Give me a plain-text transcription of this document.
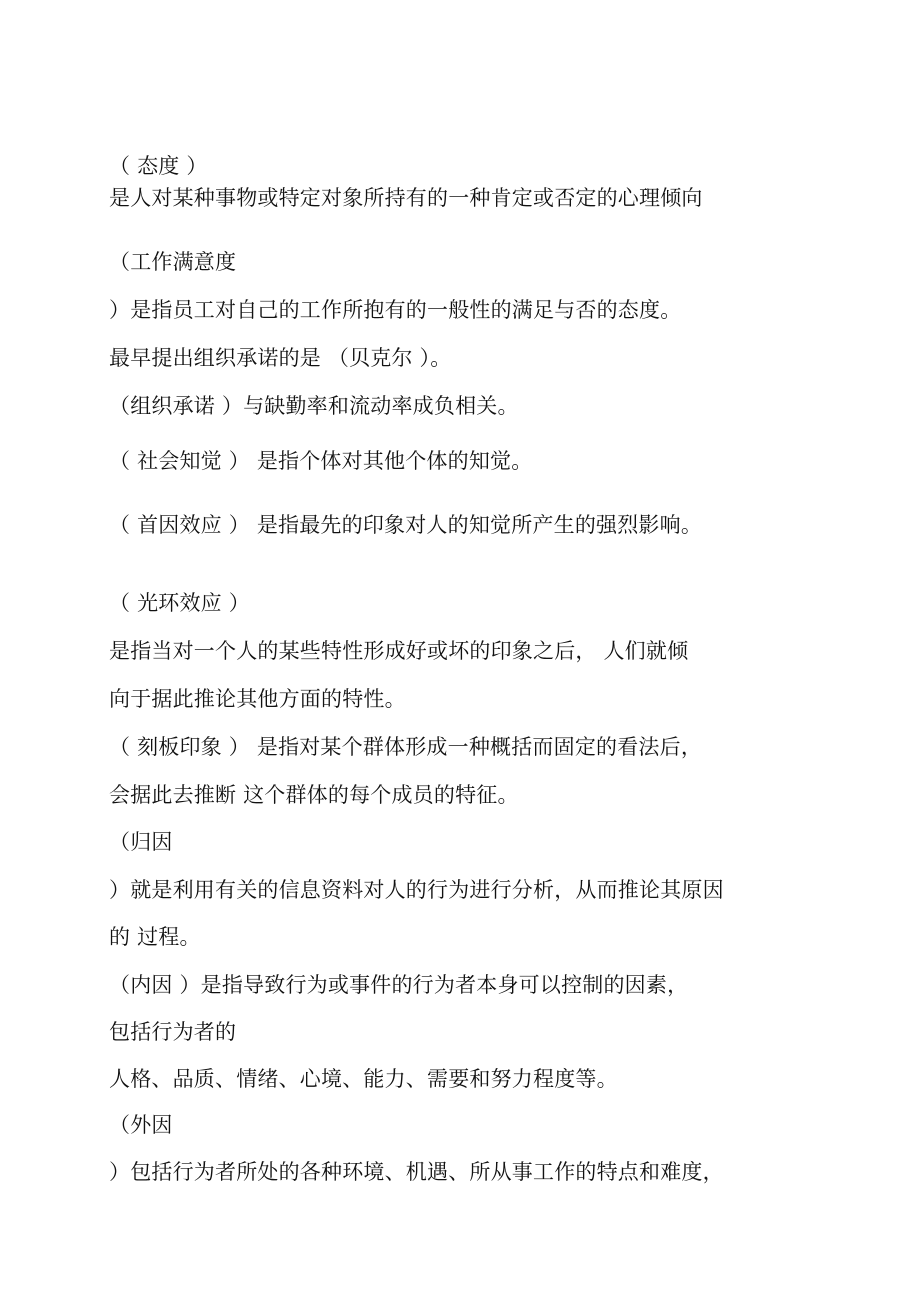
（ 态度 ）
是人对某种事物或特定对象所持有的一种肯定或否定的心理倾向
（工作满意度
）是指员工对自己的工作所抱有的一般性的满足与否的态度。
最早提出组织承诺的是 （贝克尔 ）。
（组织承诺 ）与缺勤率和流动率成负相关。
（ 社会知觉 ） 是指个体对其他个体的知觉。
（ 首因效应 ） 是指最先的印象对人的知觉所产生的强烈影响。
（ 光环效应 ）
是指当对一个人的某些特性形成好或坏的印象之后， 人们就倾
向于据此推论其他方面的特性。
（ 刻板印象 ） 是指对某个群体形成一种概括而固定的看法后，
会据此去推断 这个群体的每个成员的特征。
（归因
）就是利用有关的信息资料对人的行为进行分析，从而推论其原因
的 过程。
（内因 ）是指导致行为或事件的行为者本身可以控制的因素，
包括行为者的
人格、品质、情绪、心境、能力、需要和努力程度等。
（外因
）包括行为者所处的各种环境、机遇、所从事工作的特点和难度，
